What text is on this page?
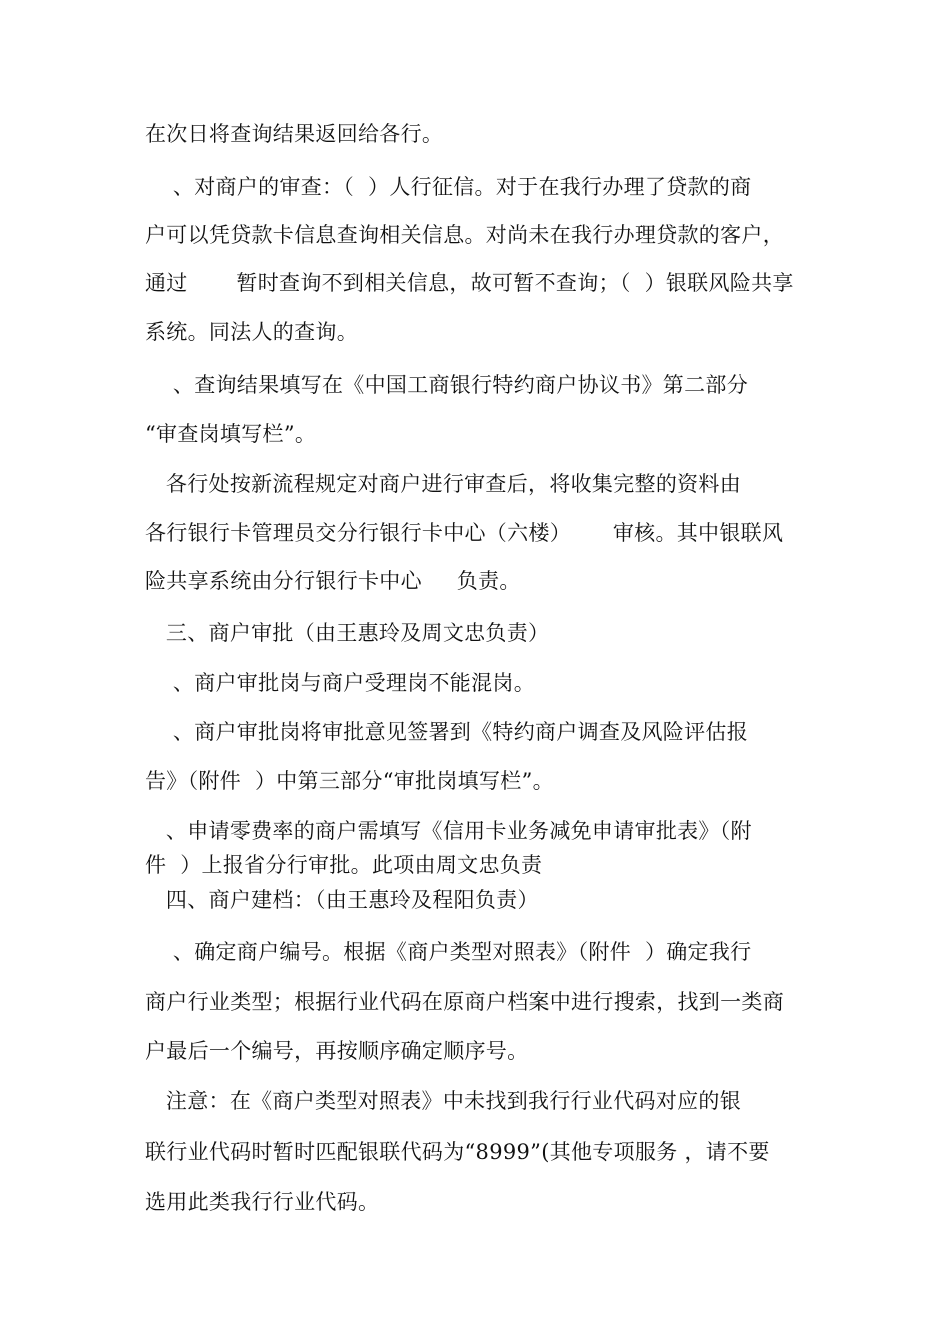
在次日将查询结果返回给各行。
、对商户的审查：（  ）人行征信。对于在我行办理了贷款的商
户可以凭贷款卡信息查询相关信息。对尚未在我行办理贷款的客户，
通过       暂时查询不到相关信息，故可暂不查询；（  ）银联风险共享
系统。同法人的查询。
、查询结果填写在《中国工商银行特约商户协议书》第二部分
“审查岗填写栏”。
各行处按新流程规定对商户进行审查后，将收集完整的资料由
各行银行卡管理员交分行银行卡中心（六楼）      审核。其中银联风
险共享系统由分行银行卡中心     负责。
三、商户审批（由王惠玲及周文忠负责）
、商户审批岗与商户受理岗不能混岗。
、商户审批岗将审批意见签署到《特约商户调查及风险评估报
告》（附件  ）中第三部分“审批岗填写栏”。
、申请零费率的商户需填写《信用卡业务减免申请审批表》（附
件  ）上报省分行审批。此项由周文忠负责
四、商户建档：（由王惠玲及程阳负责）
、确定商户编号。根据《商户类型对照表》（附件  ）确定我行
商户行业类型；根据行业代码在原商户档案中进行搜索，找到一类商
户最后一个编号，再按顺序确定顺序号。
注意：在《商户类型对照表》中未找到我行行业代码对应的银
联行业代码时暂时匹配银联代码为“8999”(其他专项服务 ，请不要
选用此类我行行业代码。
